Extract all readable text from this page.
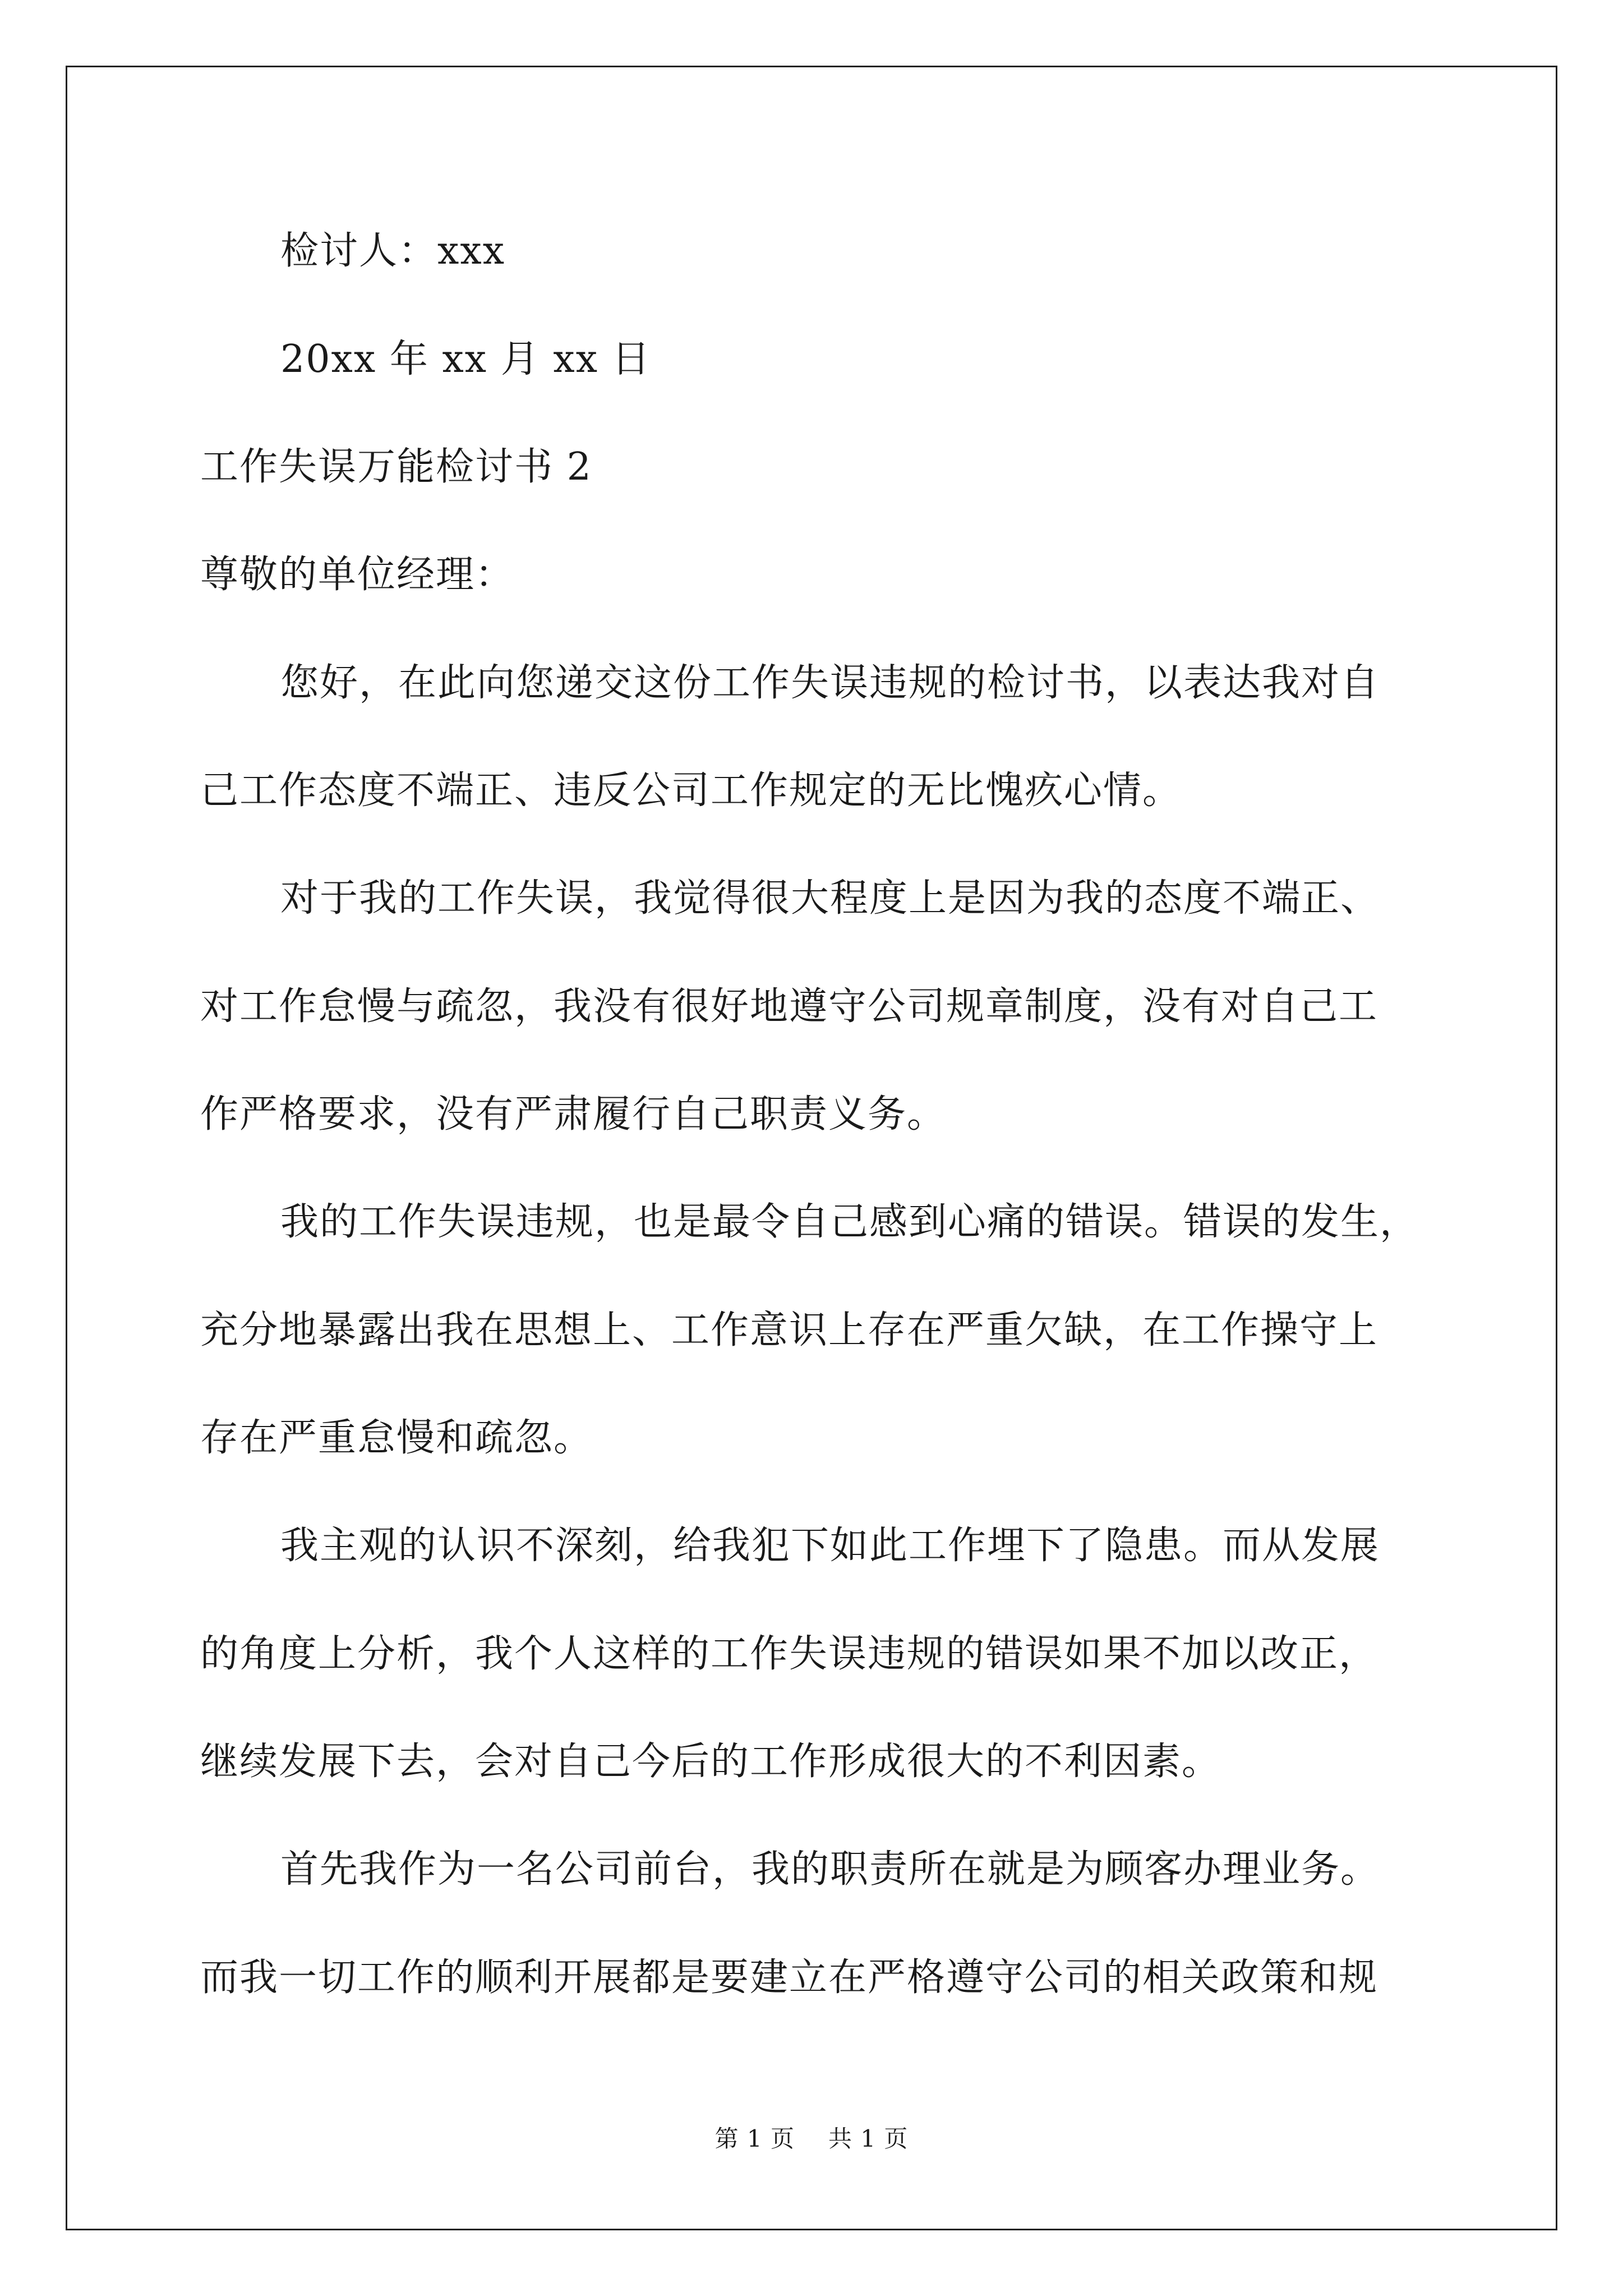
检讨人：xxx
20xx 年 xx 月 xx 日
工作失误万能检讨书 2
尊敬的单位经理：
您好，在此向您递交这份工作失误违规的检讨书，以表达我对自
己工作态度不端正、违反公司工作规定的无比愧疚心情。
对于我的工作失误，我觉得很大程度上是因为我的态度不端正、
对工作怠慢与疏忽，我没有很好地遵守公司规章制度，没有对自己工
作严格要求，没有严肃履行自己职责义务。
我的工作失误违规，也是最令自己感到心痛的错误。错误的发生，
充分地暴露出我在思想上、工作意识上存在严重欠缺，在工作操守上
存在严重怠慢和疏忽。
我主观的认识不深刻，给我犯下如此工作埋下了隐患。而从发展
的角度上分析，我个人这样的工作失误违规的错误如果不加以改正，
继续发展下去，会对自己今后的工作形成很大的不利因素。
首先我作为一名公司前台，我的职责所在就是为顾客办理业务。
而我一切工作的顺利开展都是要建立在严格遵守公司的相关政策和规
第 1 页 共 1 页
